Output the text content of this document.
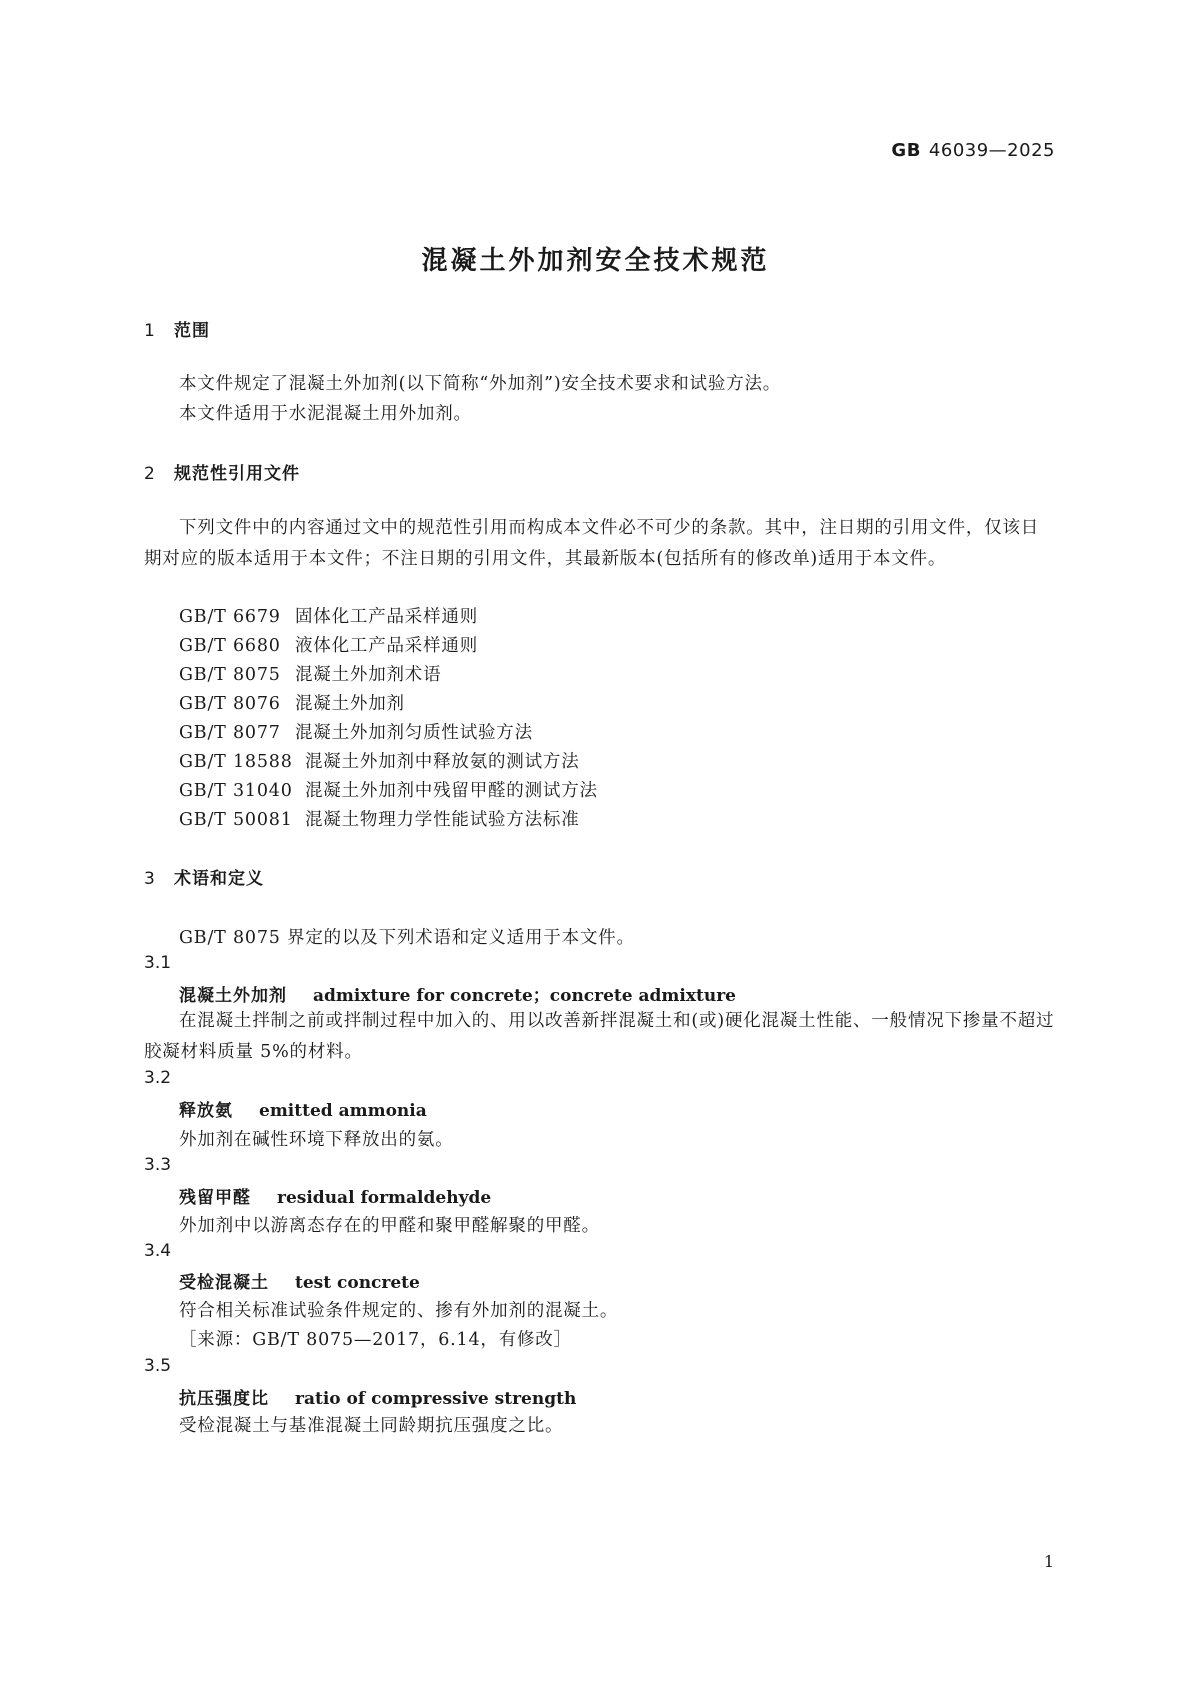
GB 46039—2025
混凝土外加剂安全技术规范
1 范围
本文件规定了混凝土外加剂(以下简称“外加剂”)安全技术要求和试验方法。
本文件适用于水泥混凝土用外加剂。
2 规范性引用文件
下列文件中的内容通过文中的规范性引用而构成本文件必不可少的条款。其中，注日期的引用文件，仅该日期对应的版本适用于本文件；不注日期的引用文件，其最新版本(包括所有的修改单)适用于本文件。
GB/T 6679 固体化工产品采样通则
GB/T 6680 液体化工产品采样通则
GB/T 8075 混凝土外加剂术语
GB/T 8076 混凝土外加剂
GB/T 8077 混凝土外加剂匀质性试验方法
GB/T 18588 混凝土外加剂中释放氨的测试方法
GB/T 31040 混凝土外加剂中残留甲醛的测试方法
GB/T 50081 混凝土物理力学性能试验方法标准
3 术语和定义
GB/T 8075 界定的以及下列术语和定义适用于本文件。
3.1
混凝土外加剂 admixture for concrete；concrete admixture
在混凝土拌制之前或拌制过程中加入的、用以改善新拌混凝土和(或)硬化混凝土性能、一般情况下掺量不超过胶凝材料质量 5%的材料。
3.2
释放氨 emitted ammonia
外加剂在碱性环境下释放出的氨。
3.3
残留甲醛 residual formaldehyde
外加剂中以游离态存在的甲醛和聚甲醛解聚的甲醛。
3.4
受检混凝土 test concrete
符合相关标准试验条件规定的、掺有外加剂的混凝土。
［来源：GB/T 8075—2017，6.14，有修改］
3.5
抗压强度比 ratio of compressive strength
受检混凝土与基准混凝土同龄期抗压强度之比。
1
